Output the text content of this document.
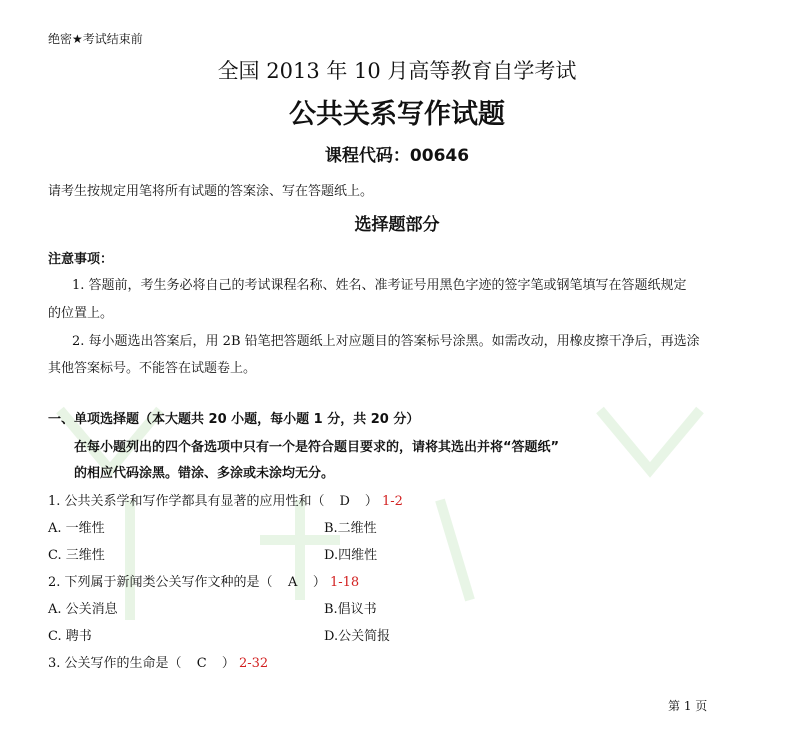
绝密★考试结束前
全国 2013 年 10 月高等教育自学考试
公共关系写作试题
课程代码：00646
请考生按规定用笔将所有试题的答案涂、写在答题纸上。
选择题部分
注意事项：
1. 答题前，考生务必将自己的考试课程名称、姓名、准考证号用黑色字迹的签字笔或钢笔填写在答题纸规定
的位置上。
2. 每小题选出答案后，用 2B 铅笔把答题纸上对应题目的答案标号涂黑。如需改动，用橡皮擦干净后，再选涂
其他答案标号。不能答在试题卷上。
一、单项选择题（本大题共 20 小题，每小题 1 分，共 20 分）
在每小题列出的四个备选项中只有一个是符合题目要求的，请将其选出并将“答题纸”
的相应代码涂黑。错涂、多涂或未涂均无分。
1. 公共关系学和写作学都具有显著的应用性和（ D ） 1-2
A. 一维性	B.二维性
C. 三维性	D.四维性
2. 下列属于新闻类公关写作文种的是（ A ） 1-18
A. 公关消息	B.倡议书
C. 聘书	D.公关简报
3. 公关写作的生命是（ C ） 2-32
第 1 页
